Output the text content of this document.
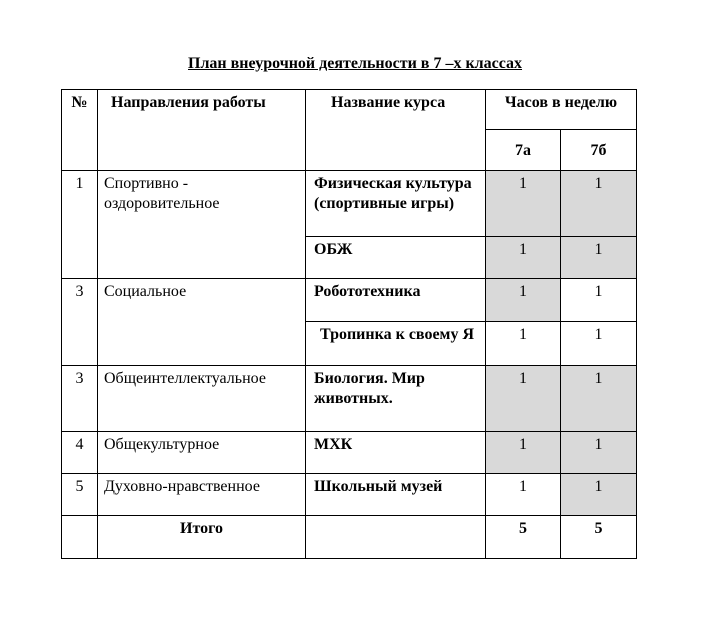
План внеурочной деятельности в 7 –х классах
№	Направления работы	Название курса	Часов в неделю	
			7а	7б
1	Спортивно - оздоровительное	Физическая культура (спортивные игры)	1	1
		ОБЖ	1	1
3	Социальное	Робототехника	1	1
		Тропинка к своему Я	1	1
3	Общеинтеллектуальное	Биология. Мир животных.	1	1
4	Общекультурное	МХК	1	1
5	Духовно-нравственное	Школьный музей	1	1
	Итого		5	5
